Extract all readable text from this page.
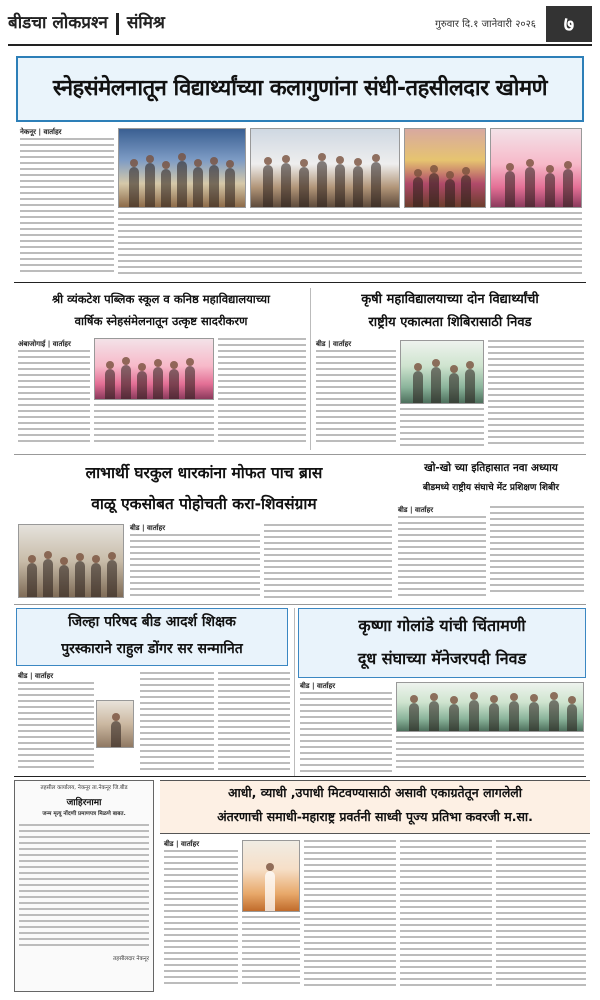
बीडचा लोकप्रश्‍न संमिश्र	गुरुवार दि.१ जानेवारी २०२६	७
स्नेहसंमेलनातून विद्यार्थ्यांच्या कलागुणांना संधी-तहसीलदार खोमणे
नेकनूर | वार्ताहर
श्री व्यंकटेश पब्लिक स्कूल व कनिष्ठ महाविद्यालयाच्या
वार्षिक स्नेहसंमेलनातून उत्कृष्ट सादरीकरण
अंबाजोगाई | वार्ताहर
कृषी महाविद्यालयाच्या दोन विद्यार्थ्यांची
राष्ट्रीय एकात्मता शिबिरासाठी निवड
बीड | वार्ताहर
लाभार्थी घरकुल धारकांना मोफत पाच ब्रास
वाळू एकसोबत पोहोचती करा-शिवसंग्राम
बीड | वार्ताहर
खो-खो च्या इतिहासात नवा अध्याय
बीडमध्ये राष्ट्रीय संघाचे मेंट प्रशिक्षण शिबीर
बीड | वार्ताहर
जिल्हा परिषद बीड आदर्श शिक्षक
पुरस्काराने राहुल डोंगर सर सन्मानित
बीड | वार्ताहर
कृष्णा गोलांडे यांची चिंतामणी
दूध संघाच्या मॅनेजरपदी निवड
बीड | वार्ताहर
तहसील कार्यालय, नेकनूर ता.नेकनूर जि.बीड
जाहिरनामा
जन्म मृत्यू नोंदणी प्रमाणपत्र मिळणे बाबत.
तहसीलदार नेकनूर
आधी, व्याधी ,उपाधी मिटवण्यासाठी असावी एकाग्रतेतून लागलेली
अंतरणाची समाधी-महाराष्ट्र प्रवर्तनी साध्वी पूज्य प्रतिभा कवरजी म.सा.
बीड | वार्ताहर
